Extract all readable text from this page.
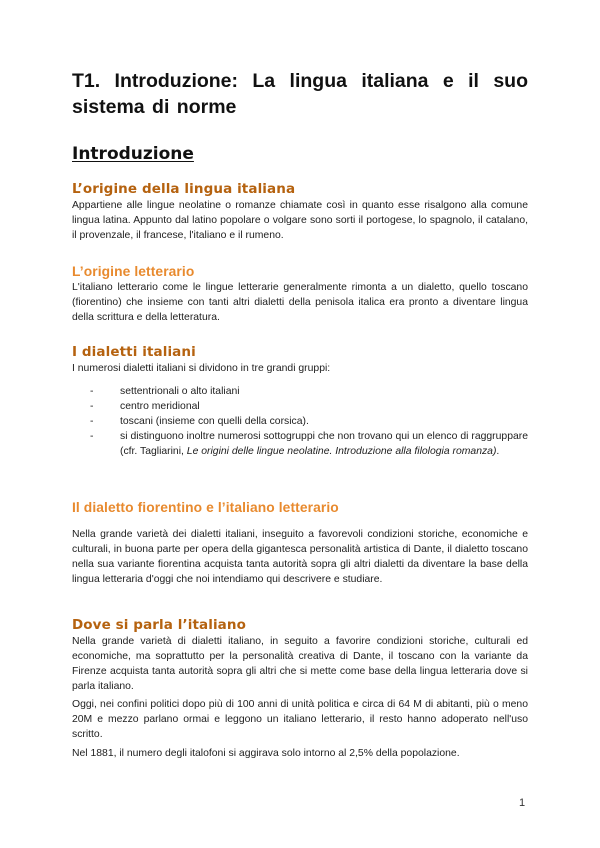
T1. Introduzione: La lingua italiana e il suo sistema di norme
Introduzione
L’origine della lingua italiana

Appartiene alle lingue neolatine o romanze chiamate così in quanto esse risalgono alla comune lingua latina. Appunto dal latino popolare o volgare sono sorti il portogese, lo spagnolo, il catalano, il provenzale, il francese, l'italiano e il rumeno.

L’origine letterario

L'italiano letterario come le lingue letterarie generalmente rimonta a un dialetto, quello toscano (fiorentino) che insieme con tanti altri dialetti della penisola italica era pronto a diventare lingua della scrittura e della letteratura.

I dialetti italiani

I numerosi dialetti italiani si dividono in tre grandi gruppi:

-	settentrionali o alto italiani
-	centro meridional
-	toscani (insieme con quelli della corsica).
-	si distinguono inoltre numerosi sottogruppi che non trovano qui un elenco di raggruppare (cfr. Tagliarini, Le origini delle lingue neolatine. Introduzione alla filologia romanza).
Il dialetto fiorentino e l’italiano letterario

Nella grande varietà dei dialetti italiani, inseguito a favorevoli condizioni storiche, economiche e culturali, in buona parte per opera della gigantesca personalità artistica di Dante, il dialetto toscano nella sua variante fiorentina acquista tanta autorità sopra gli altri dialetti da diventare la base della lingua letteraria d'oggi che noi intendiamo qui descrivere e studiare.

Dove si parla l’italiano

Nella grande varietà di dialetti italiano, in seguito a favorire condizioni storiche, culturali ed economiche, ma soprattutto per la personalità creativa di Dante, il toscano con la variante da Firenze acquista tanta autorità sopra gli altri che si mette come base della lingua letteraria dove si parla italiano.

Oggi, nei confini politici dopo più di 100 anni di unità politica e circa di 64 M di abitanti, più o meno 20M e mezzo parlano ormai e leggono un italiano letterario, il resto hanno adoperato nell'uso scritto.

Nel 1881, il numero degli italofoni si aggirava solo intorno al 2,5% della popolazione.

1
